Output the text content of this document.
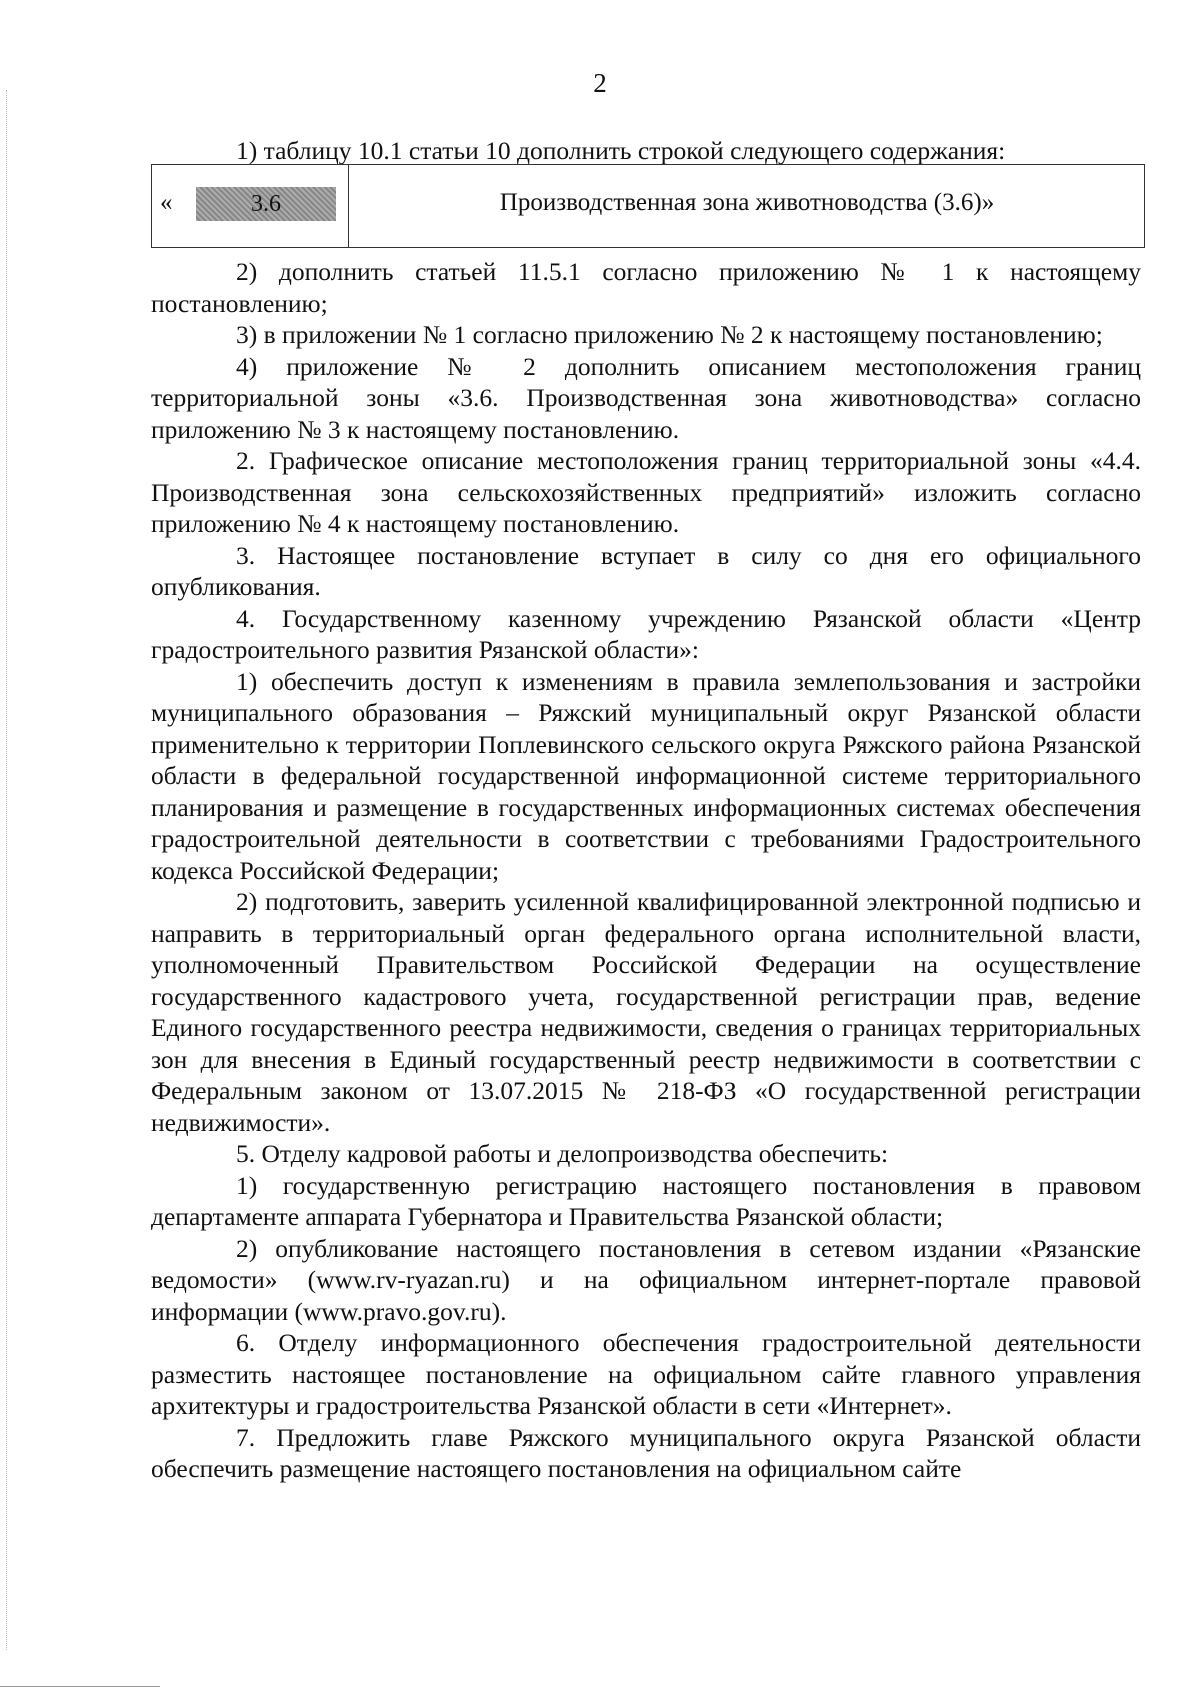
2
1) таблицу 10.1 статьи 10 дополнить строкой следующего содержания:
«	3.6	Производственная зона животноводства (3.6)»

2) дополнить статьей 11.5.1 согласно приложению № 1 к настоящему постановлению;

3) в приложении № 1 согласно приложению № 2 к настоящему постановлению;

4) приложение № 2 дополнить описанием местоположения границ территориальной зоны «3.6. Производственная зона животноводства» согласно приложению № 3 к настоящему постановлению.

2. Графическое описание местоположения границ территориальной зоны «4.4. Производственная зона сельскохозяйственных предприятий» изложить согласно приложению № 4 к настоящему постановлению.

3. Настоящее постановление вступает в силу со дня его официального опубликования.

4. Государственному казенному учреждению Рязанской области «Центр градостроительного развития Рязанской области»:

1) обеспечить доступ к изменениям в правила землепользования и застройки муниципального образования – Ряжский муниципальный округ Рязанской области применительно к территории Поплевинского сельского округа Ряжского района Рязанской области в федеральной государственной информационной системе территориального планирования и размещение в государственных информационных системах обеспечения градостроительной деятельности в соответствии с требованиями Градостроительного кодекса Российской Федерации;

2) подготовить, заверить усиленной квалифицированной электронной подписью и направить в территориальный орган федерального органа исполнительной власти, уполномоченный Правительством Российской Федерации на осуществление государственного кадастрового учета, государственной регистрации прав, ведение Единого государственного реестра недвижимости, сведения о границах территориальных зон для внесения в Единый государственный реестр недвижимости в соответствии с Федеральным законом от 13.07.2015 № 218-ФЗ «О государственной регистрации недвижимости».

5. Отделу кадровой работы и делопроизводства обеспечить:

1) государственную регистрацию настоящего постановления в правовом департаменте аппарата Губернатора и Правительства Рязанской области;

2) опубликование настоящего постановления в сетевом издании «Рязанские ведомости» (www.rv-ryazan.ru) и на официальном интернет-портале правовой информации (www.pravo.gov.ru).

6. Отделу информационного обеспечения градостроительной деятельности разместить настоящее постановление на официальном сайте главного управления архитектуры и градостроительства Рязанской области в сети «Интернет».

7. Предложить главе Ряжского муниципального округа Рязанской области обеспечить размещение настоящего постановления на официальном сайте
